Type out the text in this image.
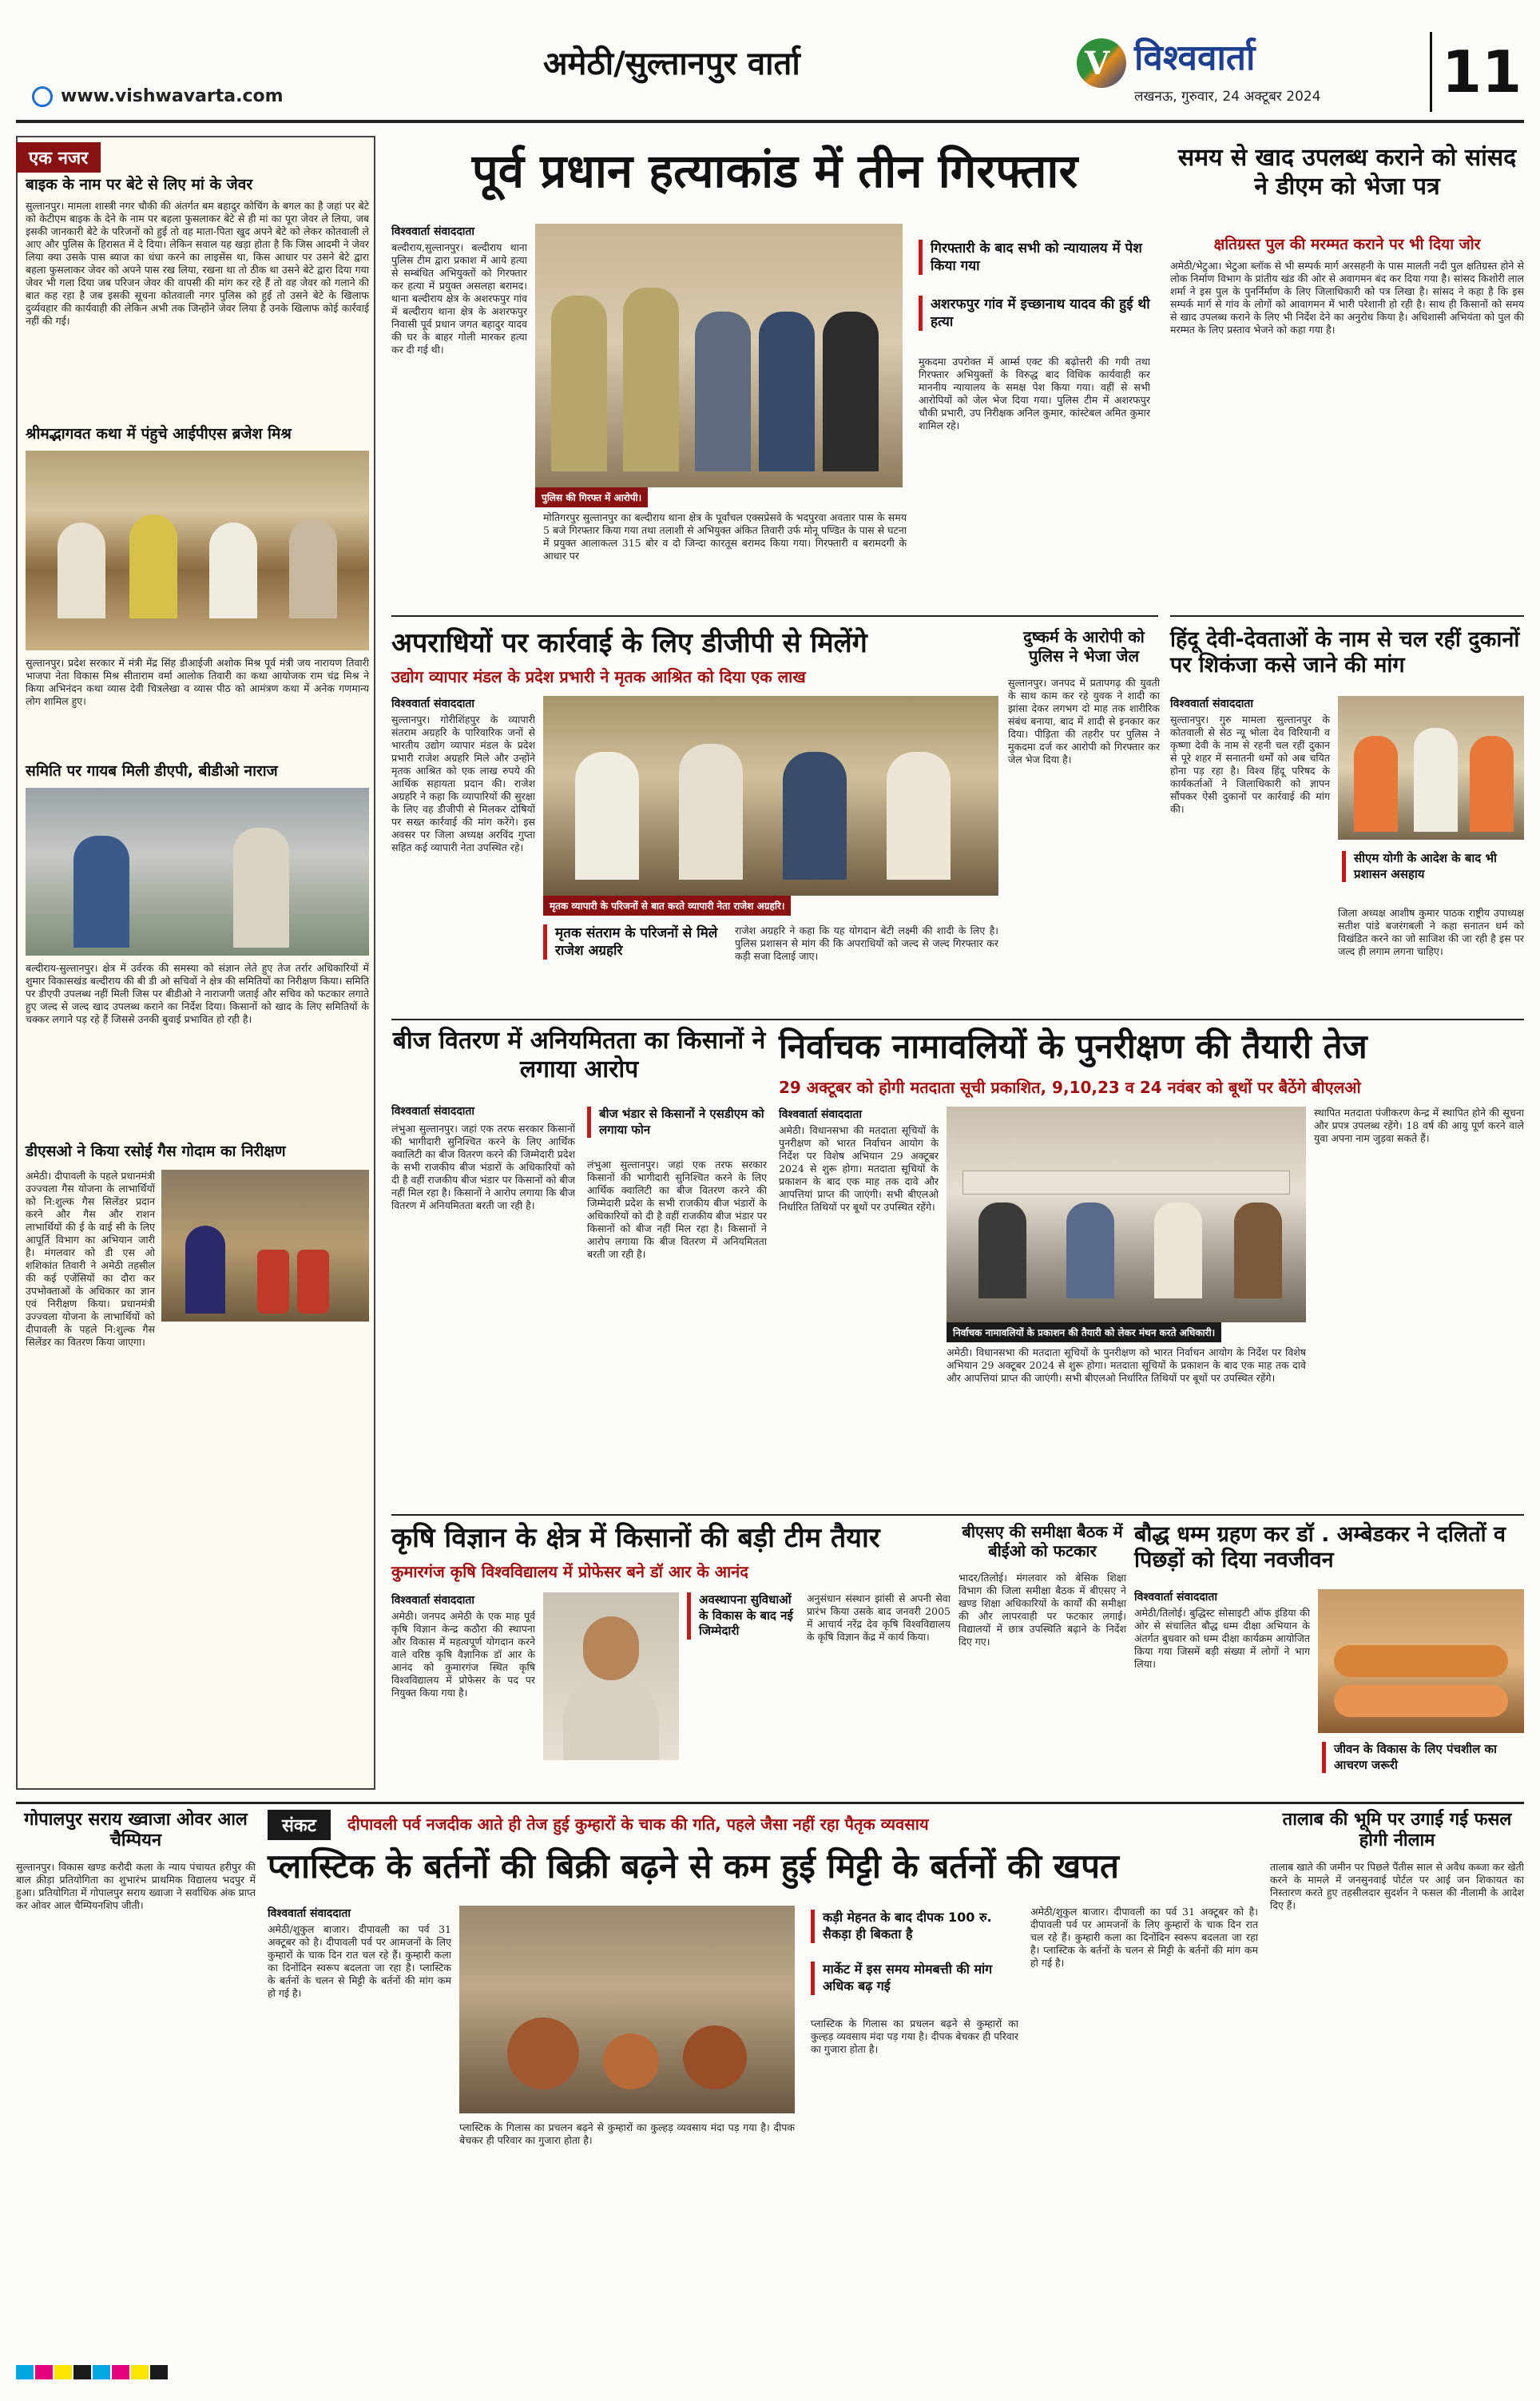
www.vishwavarta.com
अमेठी/सुल्तानपुर वार्ता	V विश्ववार्ता
लखनऊ, गुरुवार, 24 अक्टूबर 2024 11
एक नजर
बाइक के नाम पर बेटे से लिए मां के जेवर
सुल्तानपुर। मामला शास्त्री नगर चौकी की अंतर्गत बम बहादुर कोचिंग के बगल का है जहां पर बेटे को केटीएम बाइक के देने के नाम पर बहला फुसलाकर बेटे से ही मां का पूरा जेवर ले लिया, जब इसकी जानकारी बेटे के परिजनों को हुई तो वह माता-पिता खुद अपने बेटे को लेकर कोतवाली ले आए और पुलिस के हिरासत में दे दिया। लेकिन सवाल यह खड़ा होता है कि जिस आदमी ने जेवर लिया क्या उसके पास ब्याज का धंधा करने का लाइसेंस था, किस आधार पर उसने बेटे द्वारा बहला फुसलाकर जेवर को अपने पास रख लिया, रखना था तो ठीक था उसने बेटे द्वारा दिया गया जेवर भी गला दिया जब परिजन जेवर की वापसी की मांग कर रहे हैं तो वह जेवर को गलाने की बात कह रहा है जब इसकी सूचना कोतवाली नगर पुलिस को हुई तो उसने बेटे के खिलाफ दुर्व्यवहार की कार्यवाही की लेकिन अभी तक जिन्होंने जेवर लिया है उनके खिलाफ कोई कार्रवाई नहीं की गई।
श्रीमद्भागवत कथा में पंहुचे आईपीएस ब्रजेश मिश्र
सुल्तानपुर। प्रदेश सरकार में मंत्री मेंद्र सिंह डीआईजी अशोक मिश्र पूर्व मंत्री जय नारायण तिवारी भाजपा नेता विकास मिश्र सीताराम वर्मा आलोक तिवारी का कथा आयोजक राम चंद्र मिश्र ने किया अभिनंदन कथा व्यास देवी चित्रलेखा व व्यास पीठ को आमंत्रण कथा में अनेक गणमान्य लोग शामिल हुए।
समिति पर गायब मिली डीएपी, बीडीओ नाराज
बल्दीराय-सुल्तानपुर। क्षेत्र में उर्वरक की समस्या को संज्ञान लेते हुए तेज तर्रार अधिकारियों में शुमार विकासखंड बल्दीराय की बी डी ओ सचिवों ने क्षेत्र की समितियों का निरीक्षण किया। समिति पर डीएपी उपलब्ध नहीं मिली जिस पर बीडीओ ने नाराजगी जताई और सचिव को फटकार लगाते हुए जल्द से जल्द खाद उपलब्ध कराने का निर्देश दिया। किसानों को खाद के लिए समितियों के चक्कर लगाने पड़ रहे हैं जिससे उनकी बुवाई प्रभावित हो रही है।
डीएसओ ने किया रसोई गैस गोदाम का निरीक्षण
अमेठी। दीपावली के पहले प्रधानमंत्री उज्ज्वला गैस योजना के लाभार्थियों को नि:शुल्क गैस सिलेंडर प्रदान करने और गैस और राशन लाभार्थियों की ई के वाई सी के लिए आपूर्ति विभाग का अभियान जारी है। मंगलवार को डी एस ओ शशिकांत तिवारी ने अमेठी तहसील की कई एजेंसियों का दौरा कर उपभोक्ताओं के अधिकार का ज्ञान एवं निरीक्षण किया। प्रधानमंत्री उज्ज्वला योजना के लाभार्थियों को दीपावली के पहले नि:शुल्क गैस सिलेंडर का वितरण किया जाएगा।
पूर्व प्रधान हत्याकांड में तीन गिरफ्तार
विश्ववार्ता संवाददाता
बल्दीराय,सुल्तानपुर। बल्दीराय थाना पुलिस टीम द्वारा प्रकाश में आये हत्या से सम्बंधित अभियुक्तों को गिरफ्तार कर हत्या में प्रयुक्त असलहा बरामद। थाना बल्दीराय क्षेत्र के अशरफपुर गांव में बल्दीराय थाना क्षेत्र के अशरफपुर निवासी पूर्व प्रधान जगत बहादुर यादव की घर के बाहर गोली मारकर हत्या कर दी गई थी।
पुलिस की गिरफ्त में आरोपी।
गिरफ्तारी के बाद सभी को न्यायालय में पेश किया गया
अशरफपुर गांव में इच्छानाथ यादव की हुई थी हत्या
मुकदमा उपरोक्त में आर्म्स एक्ट की बढ़ोत्तरी की गयी तथा गिरफ्तार अभियुक्तों के विरुद्ध बाद विधिक कार्यवाही कर माननीय न्यायालय के समक्ष पेश किया गया। वहीं से सभी आरोपियों को जेल भेज दिया गया। पुलिस टीम में अशरफपुर चौकी प्रभारी, उप निरीक्षक अनिल कुमार, कांस्टेबल अमित कुमार शामिल रहे।
मोतिगरपुर सुल्तानपुर का बल्दीराय थाना क्षेत्र के पूर्वांचल एक्सप्रेसवे के भदपुरवा अवतार पास के समय 5 बजे गिरफ्तार किया गया तथा तलाशी से अभियुक्त अंकित तिवारी उर्फ मोनू पण्डित के पास से घटना में प्रयुक्त आलाकत्ल 315 बोर व दो जिन्दा कारतूस बरामद किया गया। गिरफ्तारी व बरामदगी के आधार पर
समय से खाद उपलब्ध कराने को सांसद ने डीएम को भेजा पत्र
क्षतिग्रस्त पुल की मरम्मत कराने पर भी दिया जोर
अमेठी/भेटुआ। भेटुआ ब्लॉक से भी सम्पर्क मार्ग अरसहनी के पास मालती नदी पुल क्षतिग्रस्त होने से लोक निर्माण विभाग के प्रांतीय खंड की ओर से अवागमन बंद कर दिया गया है। सांसद किशोरी लाल शर्मा ने इस पुल के पुनर्निर्माण के लिए जिलाधिकारी को पत्र लिखा है। सांसद ने कहा है कि इस सम्पर्क मार्ग से गांव के लोगों को आवागमन में भारी परेशानी हो रही है। साथ ही किसानों को समय से खाद उपलब्ध कराने के लिए भी निर्देश देने का अनुरोध किया है। अधिशासी अभियंता को पुल की मरम्मत के लिए प्रस्ताव भेजने को कहा गया है।
अपराधियों पर कार्रवाई के लिए डीजीपी से मिलेंगे
उद्योग व्यापार मंडल के प्रदेश प्रभारी ने मृतक आश्रित को दिया एक लाख
विश्ववार्ता संवाददाता
सुल्तानपुर। गोरीशिंहपुर के व्यापारी संतराम अग्रहरि के पारिवारिक जनों से भारतीय उद्योग व्यापार मंडल के प्रदेश प्रभारी राजेश अग्रहरि मिले और उन्होंने मृतक आश्रित को एक लाख रुपये की आर्थिक सहायता प्रदान की। राजेश अग्रहरि ने कहा कि व्यापारियों की सुरक्षा के लिए वह डीजीपी से मिलकर दोषियों पर सख्त कार्रवाई की मांग करेंगे। इस अवसर पर जिला अध्यक्ष अरविंद गुप्ता सहित कई व्यापारी नेता उपस्थित रहे।
मृतक व्यापारी के परिजनों से बात करते व्यापारी नेता राजेश अग्रहरि।
मृतक संतराम के परिजनों से मिले राजेश अग्रहरि
राजेश अग्रहरि ने कहा कि यह योगदान बेटी लक्ष्मी की शादी के लिए है। पुलिस प्रशासन से मांग की कि अपराधियों को जल्द से जल्द गिरफ्तार कर कड़ी सजा दिलाई जाए।
दुष्कर्म के आरोपी को पुलिस ने भेजा जेल
सुल्तानपुर। जनपद में प्रतापगढ़ की युवती के साथ काम कर रहे युवक ने शादी का झांसा देकर लगभग दो माह तक शारीरिक संबंध बनाया, बाद में शादी से इनकार कर दिया। पीड़िता की तहरीर पर पुलिस ने मुकदमा दर्ज कर आरोपी को गिरफ्तार कर जेल भेज दिया है।
हिंदू देवी-देवताओं के नाम से चल रहीं दुकानों पर शिकंजा कसे जाने की मांग
विश्ववार्ता संवाददाता
सुल्तानपुर। गुरु मामला सुल्तानपुर के कोतवाली से सेठ न्यू भोला देव विरियानी व कृष्णा देवी के नाम से रहनी चल रहीं दुकान से पूरे शहर में सनातनी धर्मों को अब चयित होना पड़ रहा है। विश्व हिंदू परिषद के कार्यकर्ताओं ने जिलाधिकारी को ज्ञापन सौंपकर ऐसी दुकानों पर कार्रवाई की मांग की।
सीएम योगी के आदेश के बाद भी प्रशासन असहाय
जिला अध्यक्ष आशीष कुमार पाठक राष्ट्रीय उपाध्यक्ष सतीश पांडे बजरंगबली ने कहा सनातन धर्म को विखंडित करने का जो साजिश की जा रही है इस पर जल्द ही लगाम लगना चाहिए।
बीज वितरण में अनियमितता का किसानों ने लगाया आरोप
विश्ववार्ता संवाददाता
लंभुआ सुल्तानपुर। जहां एक तरफ सरकार किसानों की भागीदारी सुनिश्चित करने के लिए आर्थिक क्वालिटी का बीज वितरण करने की जिम्मेदारी प्रदेश के सभी राजकीय बीज भंडारों के अधिकारियों को दी है वहीं राजकीय बीज भंडार पर किसानों को बीज नहीं मिल रहा है। किसानों ने आरोप लगाया कि बीज वितरण में अनियमितता बरती जा रही है।
बीज भंडार से किसानों ने एसडीएम को लगाया फोन
लंभुआ सुल्तानपुर। जहां एक तरफ सरकार किसानों की भागीदारी सुनिश्चित करने के लिए आर्थिक क्वालिटी का बीज वितरण करने की जिम्मेदारी प्रदेश के सभी राजकीय बीज भंडारों के अधिकारियों को दी है वहीं राजकीय बीज भंडार पर किसानों को बीज नहीं मिल रहा है। किसानों ने आरोप लगाया कि बीज वितरण में अनियमितता बरती जा रही है।
निर्वाचक नामावलियों के पुनरीक्षण की तैयारी तेज
29 अक्टूबर को होगी मतदाता सूची प्रकाशित, 9,10,23 व 24 नवंबर को बूथों पर बैठेंगे बीएलओ
विश्ववार्ता संवाददाता
अमेठी। विधानसभा की मतदाता सूचियों के पुनरीक्षण को भारत निर्वाचन आयोग के निर्देश पर विशेष अभियान 29 अक्टूबर 2024 से शुरू होगा। मतदाता सूचियों के प्रकाशन के बाद एक माह तक दावे और आपत्तियां प्राप्त की जाएंगी। सभी बीएलओ निर्धारित तिथियों पर बूथों पर उपस्थित रहेंगे।
निर्वाचक नामावलियों के प्रकाशन की तैयारी को लेकर मंथन करते अधिकारी।
स्थापित मतदाता पंजीकरण केन्द्र में स्थापित होने की सूचना और प्रपत्र उपलब्ध रहेंगे। 18 वर्ष की आयु पूर्ण करने वाले युवा अपना नाम जुड़वा सकते हैं।
अमेठी। विधानसभा की मतदाता सूचियों के पुनरीक्षण को भारत निर्वाचन आयोग के निर्देश पर विशेष अभियान 29 अक्टूबर 2024 से शुरू होगा। मतदाता सूचियों के प्रकाशन के बाद एक माह तक दावे और आपत्तियां प्राप्त की जाएंगी। सभी बीएलओ निर्धारित तिथियों पर बूथों पर उपस्थित रहेंगे।
कृषि विज्ञान के क्षेत्र में किसानों की बड़ी टीम तैयार
कुमारगंज कृषि विश्वविद्यालय में प्रोफेसर बने डॉ आर के आनंद
विश्ववार्ता संवाददाता
अमेठी। जनपद अमेठी के एक माह पूर्व कृषि विज्ञान केन्द्र कठौरा की स्थापना और विकास में महत्वपूर्ण योगदान करने वाले वरिष्ठ कृषि वैज्ञानिक डॉ आर के आनंद को कुमारगंज स्थित कृषि विश्वविद्यालय में प्रोफेसर के पद पर नियुक्त किया गया है।
अवस्थापना सुविधाओं के विकास के बाद नई जिम्मेदारी
अनुसंधान संस्थान झांसी से अपनी सेवा प्रारंभ किया उसके बाद जनवरी 2005 में आचार्य नरेंद्र देव कृषि विश्वविद्यालय के कृषि विज्ञान केंद्र में कार्य किया।
बीएसए की समीक्षा बैठक में बीईओ को फटकार
भादर/तिलोई। मंगलवार को बेसिक शिक्षा विभाग की जिला समीक्षा बैठक में बीएसए ने खण्ड शिक्षा अधिकारियों के कार्यों की समीक्षा की और लापरवाही पर फटकार लगाई। विद्यालयों में छात्र उपस्थिति बढ़ाने के निर्देश दिए गए।
बौद्ध धम्म ग्रहण कर डॉ . अम्बेडकर ने दलितों व पिछड़ों को दिया नवजीवन
विश्ववार्ता संवाददाता
अमेठी/तिलोई। बुद्धिस्ट सोसाइटी ऑफ इंडिया की ओर से संचालित बौद्ध धम्म दीक्षा अभियान के अंतर्गत बुधवार को धम्म दीक्षा कार्यक्रम आयोजित किया गया जिसमें बड़ी संख्या में लोगों ने भाग लिया।
जीवन के विकास के लिए पंचशील का आचरण जरूरी
गोपालपुर सराय ख्वाजा ओवर आल चैम्पियन
सुल्तानपुर। विकास खण्ड करौदी कला के न्याय पंचायत हरीपुर की बाल क्रीड़ा प्रतियोगिता का शुभारंभ प्राथमिक विद्यालय भदपुर में हुआ। प्रतियोगिता में गोपालपुर सराय ख्वाजा ने सर्वाधिक अंक प्राप्त कर ओवर आल चैम्पियनशिप जीती।
संकट	दीपावली पर्व नजदीक आते ही तेज हुई कुम्हारों के चाक की गति, पहले जैसा नहीं रहा पैतृक व्यवसाय
प्लास्टिक के बर्तनों की बिक्री बढ़ने से कम हुई मिट्टी के बर्तनों की खपत
विश्ववार्ता संवाददाता
अमेठी/शुकुल बाजार। दीपावली का पर्व 31 अक्टूबर को है। दीपावली पर्व पर आमजनों के लिए कुम्हारों के चाक दिन रात चल रहे हैं। कुम्हारी कला का दिनोंदिन स्वरूप बदलता जा रहा है। प्लास्टिक के बर्तनों के चलन से मिट्टी के बर्तनों की मांग कम हो गई है।
प्लास्टिक के गिलास का प्रचलन बढ़ने से कुम्हारों का कुल्हड़ व्यवसाय मंदा पड़ गया है। दीपक बेचकर ही परिवार का गुजारा होता है।
कड़ी मेहनत के बाद दीपक 100 रु. सैकड़ा ही बिकता है
मार्केट में इस समय मोमबत्ती की मांग अधिक बढ़ गई
प्लास्टिक के गिलास का प्रचलन बढ़ने से कुम्हारों का कुल्हड़ व्यवसाय मंदा पड़ गया है। दीपक बेचकर ही परिवार का गुजारा होता है।
अमेठी/शुकुल बाजार। दीपावली का पर्व 31 अक्टूबर को है। दीपावली पर्व पर आमजनों के लिए कुम्हारों के चाक दिन रात चल रहे हैं। कुम्हारी कला का दिनोंदिन स्वरूप बदलता जा रहा है। प्लास्टिक के बर्तनों के चलन से मिट्टी के बर्तनों की मांग कम हो गई है।
तालाब की भूमि पर उगाई गई फसल होगी नीलाम
तालाब खाते की जमीन पर पिछले पैंतीस साल से अवैध कब्जा कर खेती करने के मामले में जनसुनवाई पोर्टल पर आई जन शिकायत का निस्तारण करते हुए तहसीलदार सुदर्शन ने फसल की नीलामी के आदेश दिए हैं।
